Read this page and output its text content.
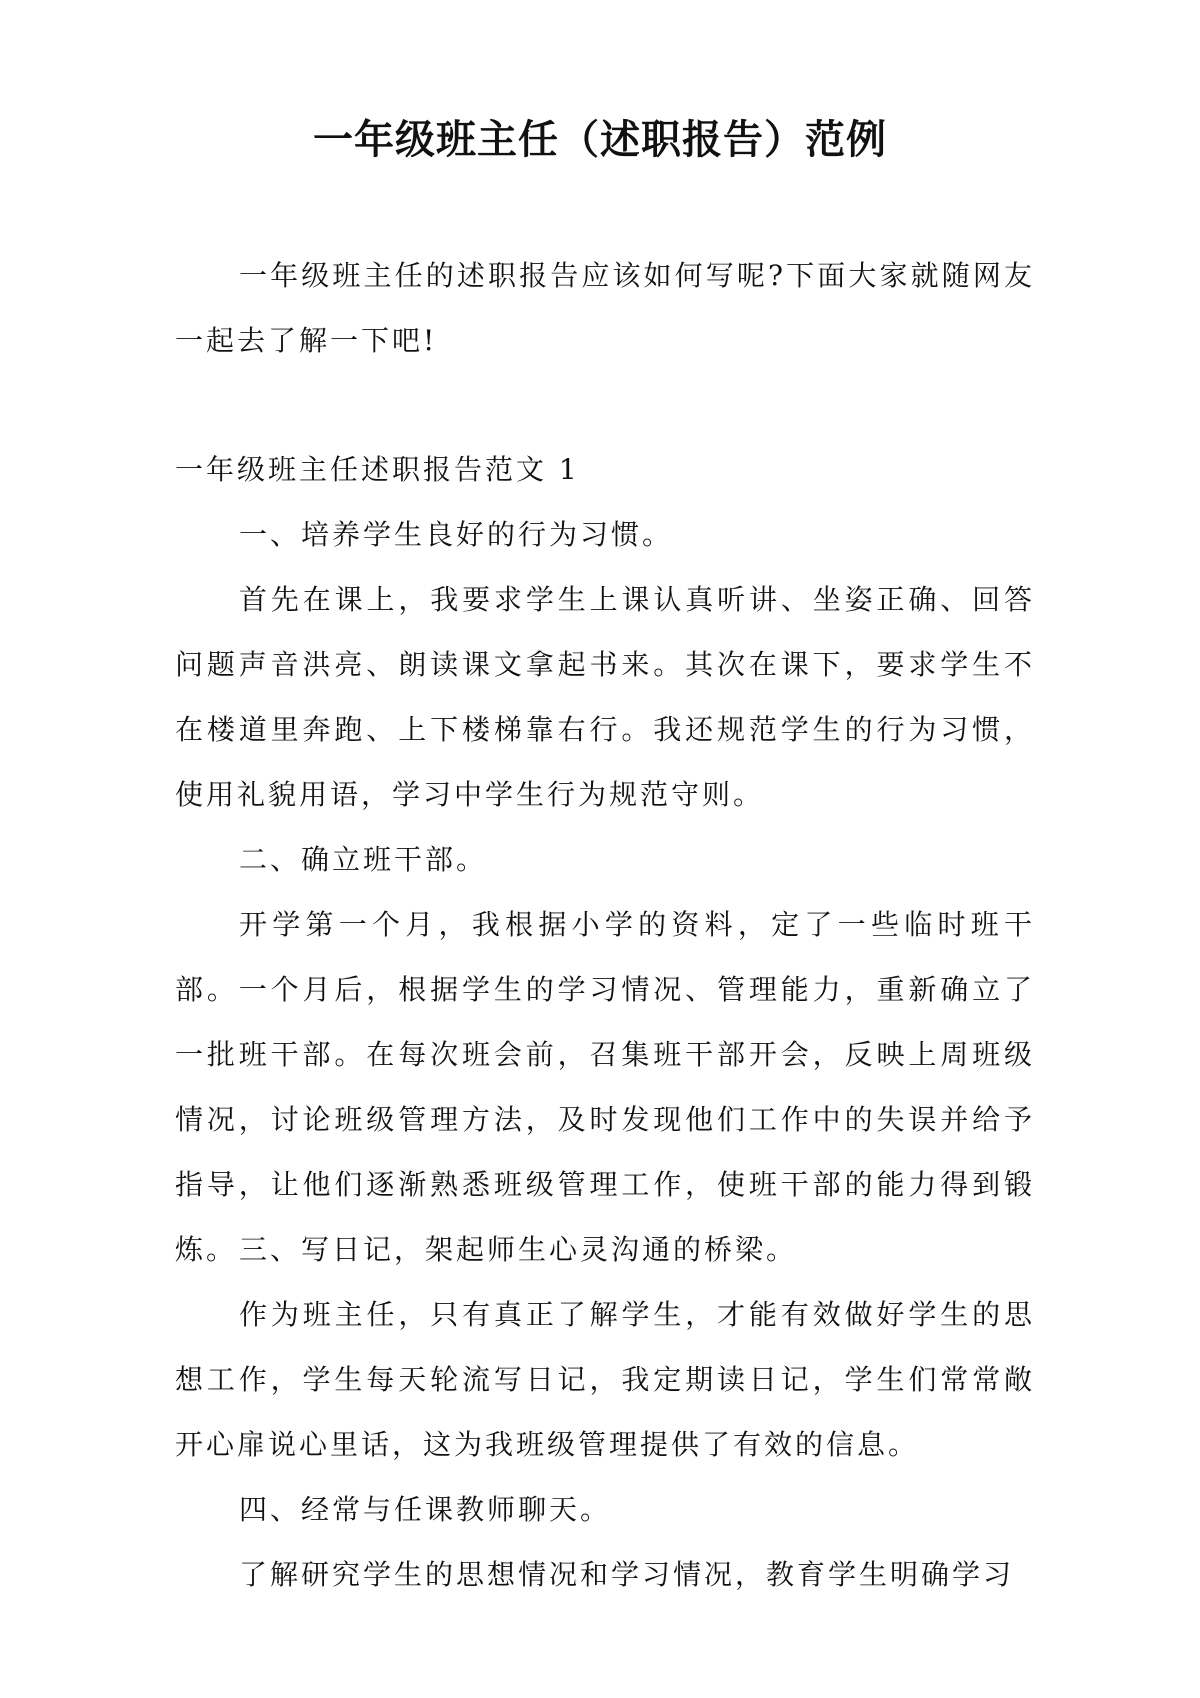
一年级班主任（述职报告）范例

一年级班主任的述职报告应该如何写呢?下面大家就随网友一起去了解一下吧!

一年级班主任述职报告范文 1

一、培养学生良好的行为习惯。

首先在课上，我要求学生上课认真听讲、坐姿正确、回答问题声音洪亮、朗读课文拿起书来。其次在课下，要求学生不在楼道里奔跑、上下楼梯靠右行。我还规范学生的行为习惯，使用礼貌用语，学习中学生行为规范守则。

二、确立班干部。

开学第一个月，我根据小学的资料，定了一些临时班干部。一个月后，根据学生的学习情况、管理能力，重新确立了一批班干部。在每次班会前，召集班干部开会，反映上周班级情况，讨论班级管理方法，及时发现他们工作中的失误并给予指导，让他们逐渐熟悉班级管理工作，使班干部的能力得到锻炼。 三、写日记，架起师生心灵沟通的桥梁。

作为班主任，只有真正了解学生，才能有效做好学生的思想工作，学生每天轮流写日记，我定期读日记，学生们常常敞开心扉说心里话，这为我班级管理提供了有效的信息。

四、经常与任课教师聊天。

了解研究学生的思想情况和学习情况，教育学生明确学习
